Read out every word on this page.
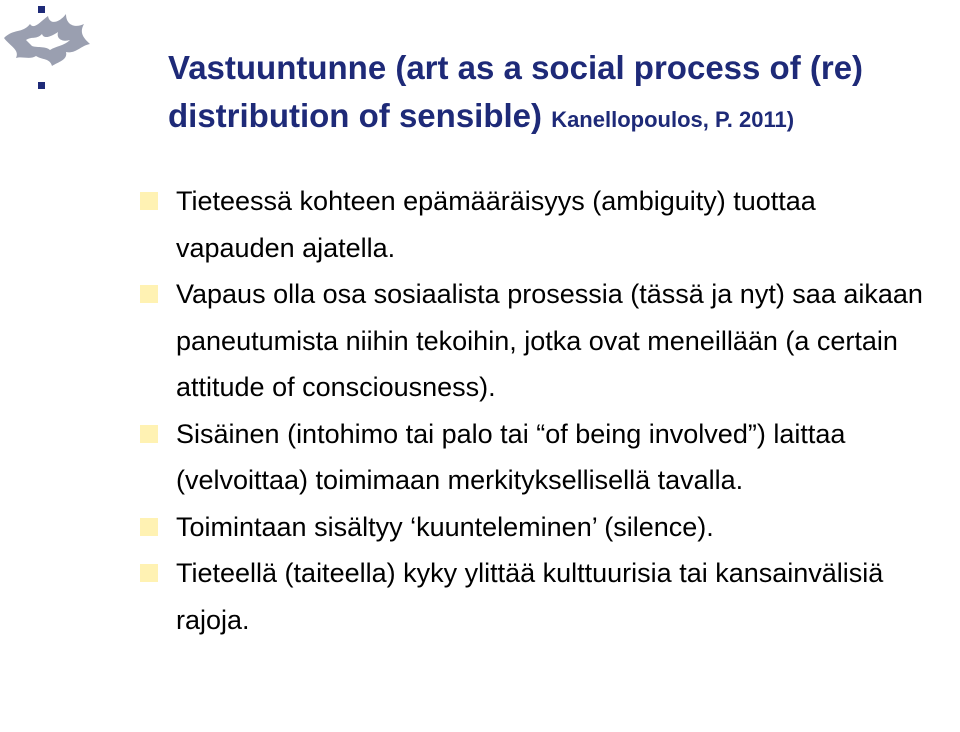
Vastuuntunne (art as a social process of (re) distribution of sensible) Kanellopoulos, P. 2011)
Tieteessä kohteen epämääräisyys (ambiguity) tuottaa vapauden ajatella.
Vapaus olla osa sosiaalista prosessia (tässä ja nyt) saa aikaan paneutumista niihin tekoihin, jotka ovat meneillään (a certain attitude of consciousness).
Sisäinen (intohimo tai palo tai “of being involved”) laittaa (velvoittaa) toimimaan merkityksellisellä tavalla.
Toimintaan sisältyy ‘kuunteleminen’ (silence).
Tieteellä (taiteella) kyky ylittää kulttuurisia tai kansainvälisiä rajoja.
